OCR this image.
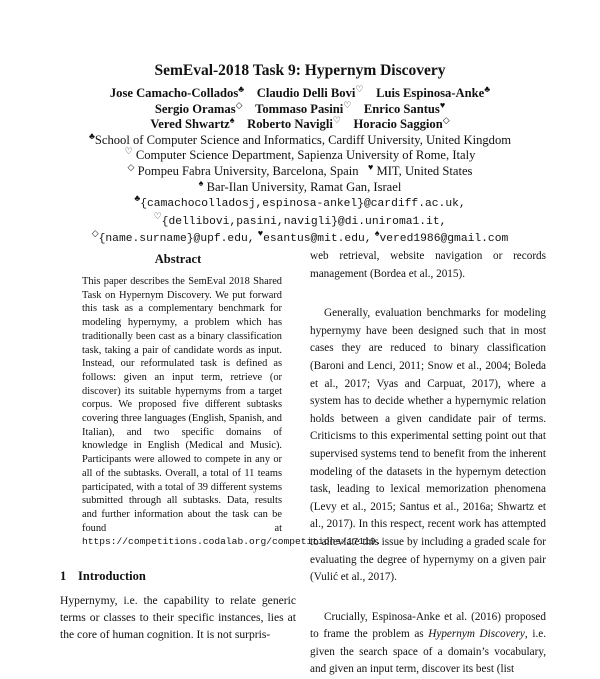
SemEval-2018 Task 9: Hypernym Discovery
Jose Camacho-Collados♣ Claudio Delli Bovi♡ Luis Espinosa-Anke♣
Sergio Oramas◇ Tommaso Pasini♡ Enrico Santus♥
Vered Shwartz♠ Roberto Navigli♡ Horacio Saggion◇
♣School of Computer Science and Informatics, Cardiff University, United Kingdom
♡ Computer Science Department, Sapienza University of Rome, Italy
◇ Pompeu Fabra University, Barcelona, Spain ♥ MIT, United States
♠ Bar-Ilan University, Ramat Gan, Israel
♣{camachocolladosj,espinosa-ankel}@cardiff.ac.uk,
♡{dellibovi,pasini,navigli}@di.uniroma1.it,
◇{name.surname}@upf.edu, ♥esantus@mit.edu, ♠vered1986@gmail.com
Abstract

This paper describes the SemEval 2018 Shared Task on Hypernym Discovery. We put forward this task as a complementary benchmark for modeling hypernymy, a problem which has traditionally been cast as a binary classification task, taking a pair of candidate words as input. Instead, our reformulated task is defined as follows: given an input term, retrieve (or discover) its suitable hypernyms from a target corpus. We proposed five different subtasks covering three languages (English, Spanish, and Italian), and two specific domains of knowledge in English (Medical and Music). Participants were allowed to compete in any or all of the subtasks. Overall, a total of 11 teams participated, with a total of 39 different systems submitted through all subtasks. Data, results and further information about the task can be found at https://competitions.codalab.org/competitions/17119.

1 Introduction

Hypernymy, i.e. the capability to relate generic terms or classes to their specific instances, lies at the core of human cognition. It is not surpris-

web retrieval, website navigation or records management (Bordea et al., 2015).

Generally, evaluation benchmarks for modeling hypernymy have been designed such that in most cases they are reduced to binary classification (Baroni and Lenci, 2011; Snow et al., 2004; Boleda et al., 2017; Vyas and Carpuat, 2017), where a system has to decide whether a hypernymic relation holds between a given candidate pair of terms. Criticisms to this experimental setting point out that supervised systems tend to benefit from the inherent modeling of the datasets in the hypernym detection task, leading to lexical memorization phenomena (Levy et al., 2015; Santus et al., 2016a; Shwartz et al., 2017). In this respect, recent work has attempted to alleviate this issue by including a graded scale for evaluating the degree of hypernymy on a given pair (Vulić et al., 2017).

Crucially, Espinosa-Anke et al. (2016) proposed to frame the problem as Hypernym Discovery, i.e. given the search space of a domain’s vocabulary, and given an input term, discover its best (list
